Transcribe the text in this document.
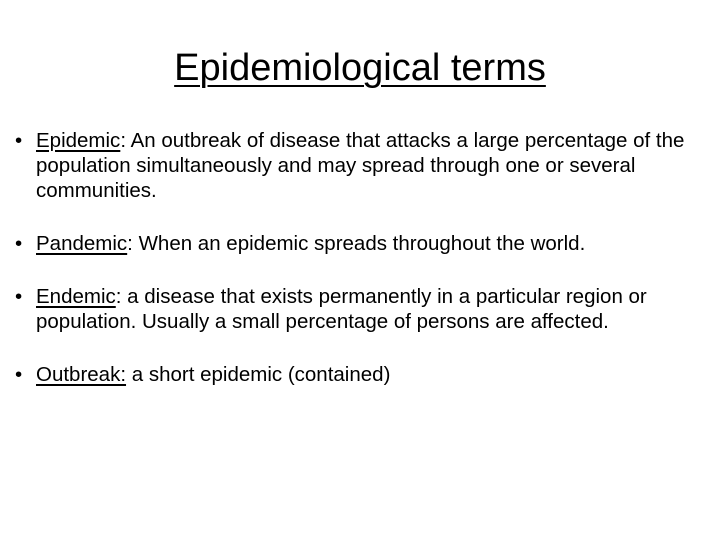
Epidemiological terms
• Epidemic: An outbreak of disease that attacks a large percentage of the population simultaneously and may spread through one or several communities.
• Pandemic: When an epidemic spreads throughout the world.
• Endemic: a disease that exists permanently in a particular region or population. Usually a small percentage of persons are affected.
• Outbreak: a short epidemic (contained)
